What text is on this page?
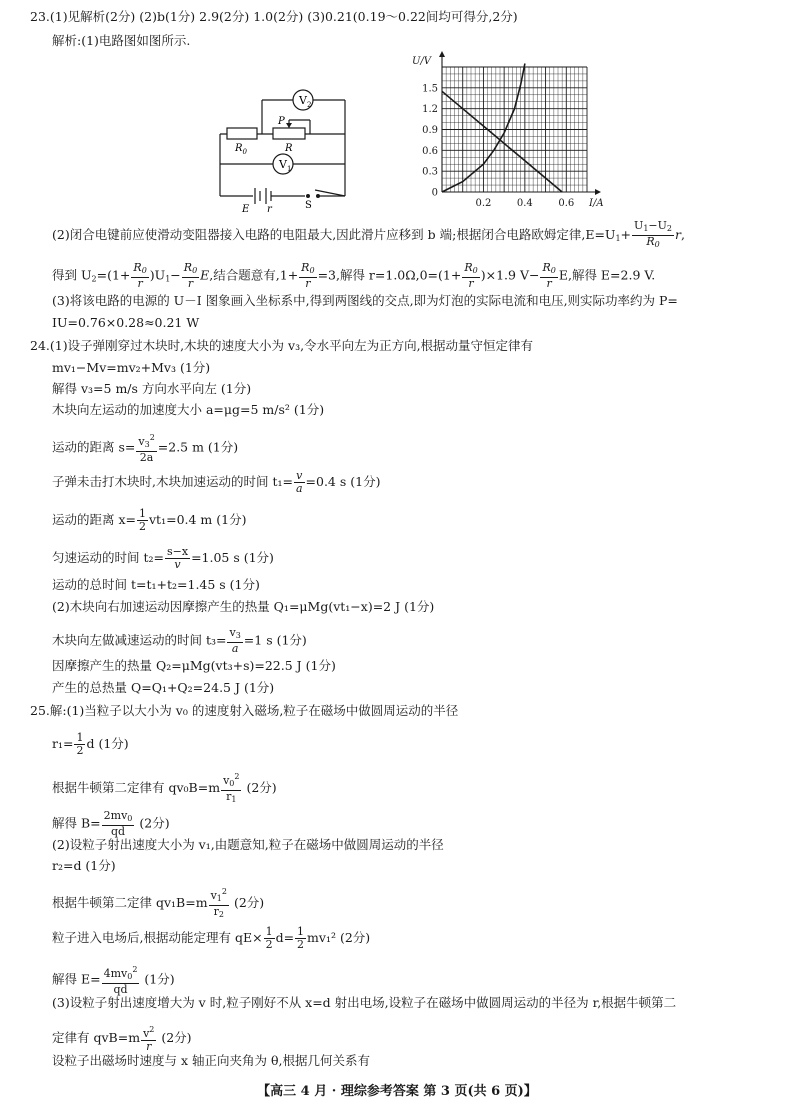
23.(1)见解析(2分) (2)b(1分) 2.9(2分) 1.0(2分) (3)0.21(0.19～0.22间均可得分,2分)
解析:(1)电路图如图所示.
$V_2$
$V_1$
P
R
$R_0$
E r	S
0
0.3
0.6
0.9
1.2
1.5
0.2	0.4	0.6
U/V
I/A
(2)闭合电键前应使滑动变阻器接入电路的电阻最大,因此滑片应移到 b 端;根据闭合电路欧姆定律$,E=U_1+ \frac{U_1-U_2}{R_0} r$,
得到 $U_2=(1+ \frac{R_0}{r} )U_1- \frac{R_0}{r} E$,结合题意有$,1+ \frac{R_0}{r} =3$,解得 $r=1.0\Omega,0=(1+ \frac{R_0}{r} )\times 1.9$ $V- \frac{R_0}{r} E$,解得 E=2.9 V.
(3)将该电路的电源的 U－I 图象画入坐标系中,得到两图线的交点,即为灯泡的实际电流和电压,则实际功率约为 P=
IU=0.76×0.28≈0.21 W
24.(1)设子弹刚穿过木块时,木块的速度大小为 v₃,令水平向左为正方向,根据动量守恒定律有
mv₁−Mv=mv₂+Mv₃ (1分)
解得 v₃=5 m/s 方向水平向左 (1分)
木块向左运动的加速度大小 a=μg=5 m/s² (1分)
运动的距离 $s= \frac{v_3^2}{2a} =2.5$ m (1分)
子弹未击打木块时,木块加速运动的时间 $t_1= \frac{v}{a} =0.4$ s (1分)
运动的距离 $x= \frac{1}{2} vt_1=0.4$ m (1分)
匀速运动的时间 $t_2= \frac{s-x}{v} =1.05$ s (1分)
运动的总时间 t=t₁+t₂=1.45 s (1分)
(2)木块向右加速运动因摩擦产生的热量 Q₁=μMg(vt₁−x)=2 J (1分)
木块向左做减速运动的时间 $t_3= \frac{v_3}{a} =1$ s (1分)
因摩擦产生的热量 Q₂=μMg(vt₃+s)=22.5 J (1分)
产生的总热量 Q=Q₁+Q₂=24.5 J (1分)
25.解:(1)当粒子以大小为 v₀ 的速度射入磁场,粒子在磁场中做圆周运动的半径
$r_1= \frac{1}{2}$ d (1分)
根据牛顿第二定律有 $qv_0B=m \frac{v_0^2}{r_1} (2$分)
解得 $B= \frac{2mv_0}{qd} (2$分)
(2)设粒子射出速度大小为 v₁,由题意知,粒子在磁场中做圆周运动的半径
r₂=d (1分)
根据牛顿第二定律 $qv_1B=m \frac{v_1^2}{r_2} (2$分)
粒子进入电场后,根据动能定理有 $qE\times \frac{1}{2} d= \frac{1}{2} mv_1^2$ (2分)
解得 $E= \frac{4mv_0^2}{qd} (1$分)
(3)设粒子射出速度增大为 v 时,粒子刚好不从 x=d 射出电场,设粒子在磁场中做圆周运动的半径为 r,根据牛顿第二
定律有 $qvB=m \frac{v^2}{r} (2$分)
设粒子出磁场时速度与 x 轴正向夹角为 θ,根据几何关系有
【高三 4 月 · 理综参考答案 第 3 页(共 6 页)】
